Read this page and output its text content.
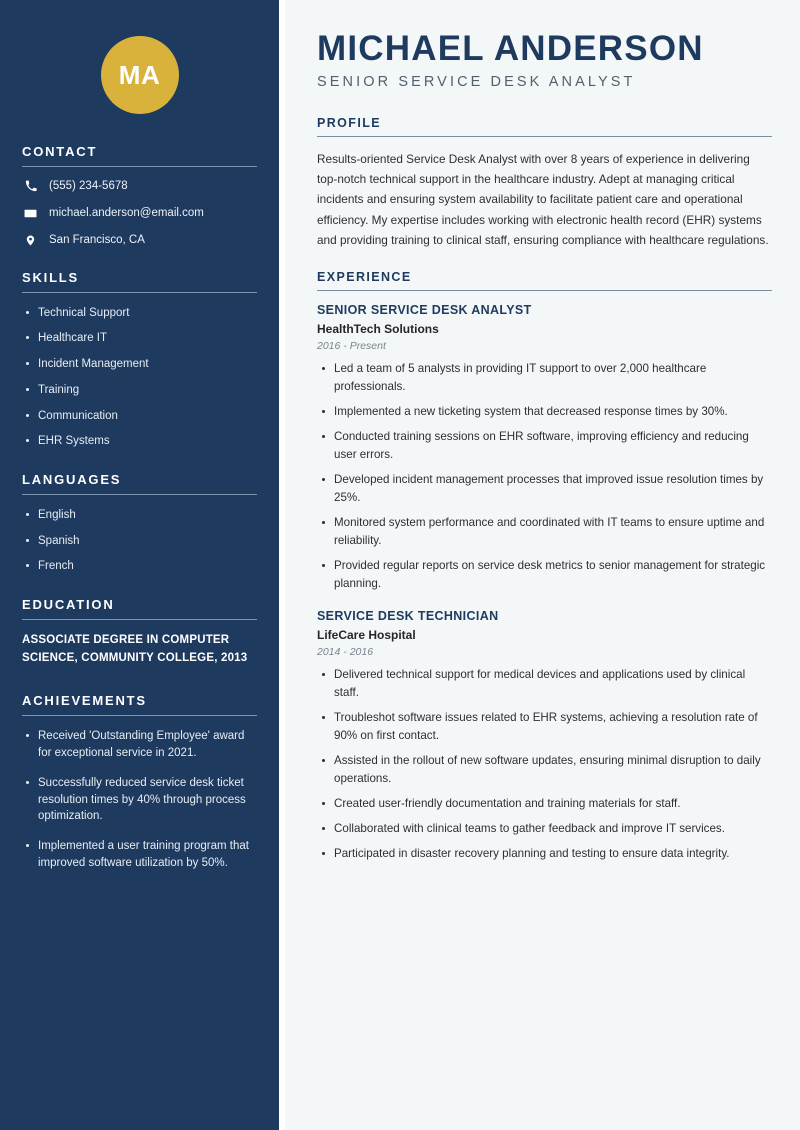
MA
CONTACT
(555) 234-5678
michael.anderson@email.com
San Francisco, CA
SKILLS
Technical Support
Healthcare IT
Incident Management
Training
Communication
EHR Systems
LANGUAGES
English
Spanish
French
EDUCATION
ASSOCIATE DEGREE IN COMPUTER SCIENCE, COMMUNITY COLLEGE, 2013
ACHIEVEMENTS
Received 'Outstanding Employee' award for exceptional service in 2021.
Successfully reduced service desk ticket resolution times by 40% through process optimization.
Implemented a user training program that improved software utilization by 50%.
MICHAEL ANDERSON
SENIOR SERVICE DESK ANALYST
PROFILE

Results-oriented Service Desk Analyst with over 8 years of experience in delivering top-notch technical support in the healthcare industry. Adept at managing critical incidents and ensuring system availability to facilitate patient care and operational efficiency. My expertise includes working with electronic health record (EHR) systems and providing training to clinical staff, ensuring compliance with healthcare regulations.

EXPERIENCE
SENIOR SERVICE DESK ANALYST
HealthTech Solutions
2016 - Present
Led a team of 5 analysts in providing IT support to over 2,000 healthcare professionals.
Implemented a new ticketing system that decreased response times by 30%.
Conducted training sessions on EHR software, improving efficiency and reducing user errors.
Developed incident management processes that improved issue resolution times by 25%.
Monitored system performance and coordinated with IT teams to ensure uptime and reliability.
Provided regular reports on service desk metrics to senior management for strategic planning.
SERVICE DESK TECHNICIAN
LifeCare Hospital
2014 - 2016
Delivered technical support for medical devices and applications used by clinical staff.
Troubleshot software issues related to EHR systems, achieving a resolution rate of 90% on first contact.
Assisted in the rollout of new software updates, ensuring minimal disruption to daily operations.
Created user-friendly documentation and training materials for staff.
Collaborated with clinical teams to gather feedback and improve IT services.
Participated in disaster recovery planning and testing to ensure data integrity.
